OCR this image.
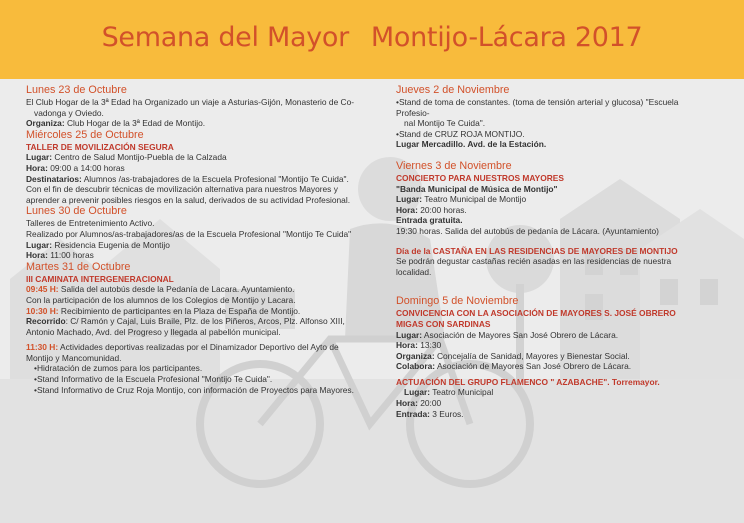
Semana del Mayor Montijo-Lácara 2017
Lunes 23 de Octubre
El Club Hogar de la 3ª Edad ha Organizado un viaje a Asturias-Gijón, Monasterio de Co-
vadonga y Oviedo.
Organiza: Club Hogar de la 3ª Edad de Montijo.
Miércoles 25 de Octubre
TALLER DE MOVILIZACIÓN SEGURA
Lugar: Centro de Salud Montijo-Puebla de la Calzada
Hora: 09:00 a 14:00 horas
Destinatarios: Alumnos /as-trabajadores de la Escuela Profesional "Montijo Te Cuida".
Con el fin de descubrir técnicas de movilización alternativa para nuestros Mayores y
aprender a prevenir posibles riesgos en la salud, derivados de su actividad Profesional.
Lunes 30 de Octubre
Talleres de Entretenimiento Activo.
Realizado por Alumnos/as-trabajadores/as de la Escuela Profesional "Montijo Te Cuida"
Lugar: Residencia Eugenia de Montijo
Hora: 11:00 horas
Martes 31 de Octubre
III CAMINATA INTERGENERACIONAL
09:45 H: Salida del autobús desde la Pedanía de Lacara. Ayuntamiento.
Con la participación de los alumnos de los Colegios de Montijo y Lacara.
10:30 H: Recibimiento de participantes en la Plaza de España de Montijo.
Recorrido: C/ Ramón y Cajal, Luis Braile, Plz. de los Piñeros, Arcos, Plz. Alfonso XIII,
Antonio Machado, Avd. del Progreso y llegada al pabellón municipal.
11:30 H: Actividades deportivas realizadas por el Dinamizador Deportivo del Ayto de
Montijo y Mancomunidad.
• Hidratación de zumos para los participantes.
• Stand Informativo de la Escuela Profesional "Montijo Te Cuida".
• Stand Informativo de Cruz Roja Montijo, con información de Proyectos para Mayores.
Jueves 2 de Noviembre
• Stand de toma de constantes. (toma de tensión arterial y glucosa) "Escuela Profesio-
nal Montijo Te Cuida".
• Stand de CRUZ ROJA MONTIJO.
Lugar Mercadillo. Avd. de la Estación.
Viernes 3 de Noviembre
CONCIERTO PARA NUESTROS MAYORES
"Banda Municipal de Música de Montijo"
Lugar: Teatro Municipal de Montijo
Hora: 20:00 horas.
Entrada gratuita.
19:30 horas. Salida del autobús de pedanía de Lácara. (Ayuntamiento)
Día de la CASTAÑA EN LAS RESIDENCIAS DE MAYORES DE MONTIJO
Se podrán degustar castañas recién asadas en las residencias de nuestra localidad.
Domingo 5 de Noviembre
CONVICENCIA CON LA ASOCIACIÓN DE MAYORES S. JOSÉ OBRERO
MIGAS CON SARDINAS
Lugar: Asociación de Mayores San José Obrero de Lácara.
Hora: 13:30
Organiza: Concejalía de Sanidad, Mayores y Bienestar Social.
Colabora: Asociación de Mayores San José Obrero de Lácara.
ACTUACIÓN DEL GRUPO FLAMENCO " AZABACHE". Torremayor.
Lugar: Teatro Municipal
Hora: 20:00
Entrada: 3 Euros.
